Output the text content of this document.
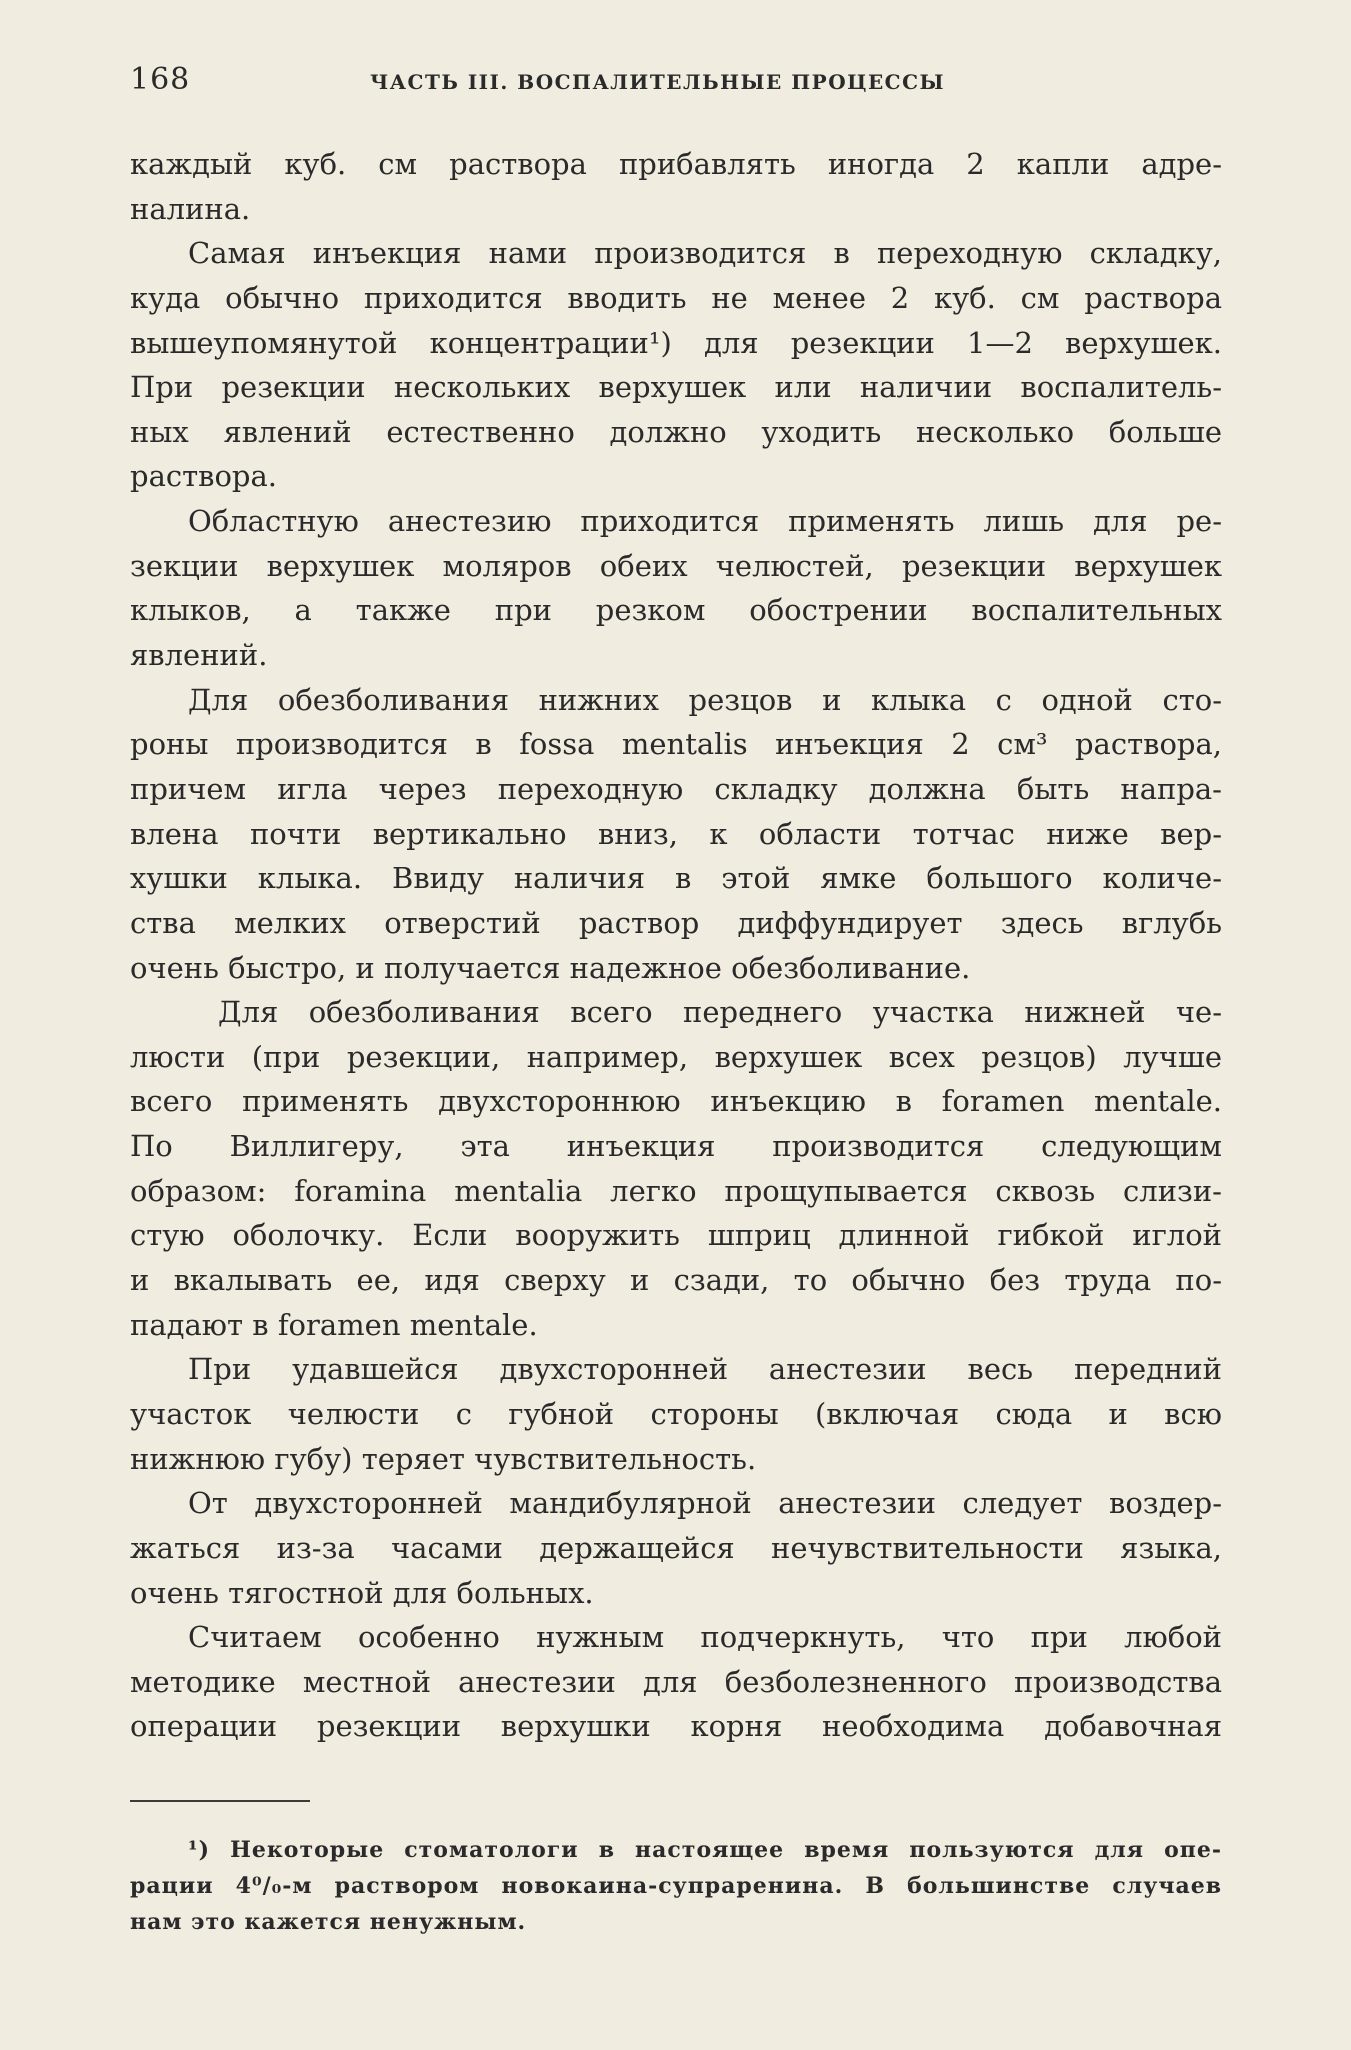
168	ЧАСТЬ III. ВОСПАЛИТЕЛЬНЫЕ ПРОЦЕССЫ
каждый куб. см раствора прибавлять иногда 2 капли адре-
налина.
Самая инъекция нами производится в переходную складку,
куда обычно приходится вводить не менее 2 куб. см раствора
вышеупомянутой концентрации¹) для резекции 1—2 верхушек.
При резекции нескольких верхушек или наличии воспалитель-
ных явлений естественно должно уходить несколько больше
раствора.
Областную анестезию приходится применять лишь для ре-
зекции верхушек моляров обеих челюстей, резекции верхушек
клыков, а также при резком обострении воспалительных
явлений.
Для обезболивания нижних резцов и клыка с одной сто-
роны производится в fossa mentalis инъекция 2 см³ раствора,
причем игла через переходную складку должна быть напра-
влена почти вертикально вниз, к области тотчас ниже вер-
хушки клыка. Ввиду наличия в этой ямке большого количе-
ства мелких отверстий раствор диффундирует здесь вглубь
очень быстро, и получается надежное обезболивание.
Для обезболивания всего переднего участка нижней че-
люсти (при резекции, например, верхушек всех резцов) лучше
всего применять двухстороннюю инъекцию в foramen mentale.
По Виллигеру, эта инъекция производится следующим
образом: foramina mentalia легко прощупывается сквозь слизи-
стую оболочку. Если вооружить шприц длинной гибкой иглой
и вкалывать ее, идя сверху и сзади, то обычно без труда по-
падают в foramen mentale.
При удавшейся двухсторонней анестезии весь передний
участок челюсти с губной стороны (включая сюда и всю
нижнюю губу) теряет чувствительность.
От двухсторонней мандибулярной анестезии следует воздер-
жаться из-за часами держащейся нечувствительности языка,
очень тягостной для больных.
Считаем особенно нужным подчеркнуть, что при любой
методике местной анестезии для безболезненного производства
операции резекции верхушки корня необходима добавочная
¹) Некоторые стоматологи в настоящее время пользуются для опе-
рации 4⁰/₀-м раствором новокаина-супраренина. В большинстве случаев
нам это кажется ненужным.
